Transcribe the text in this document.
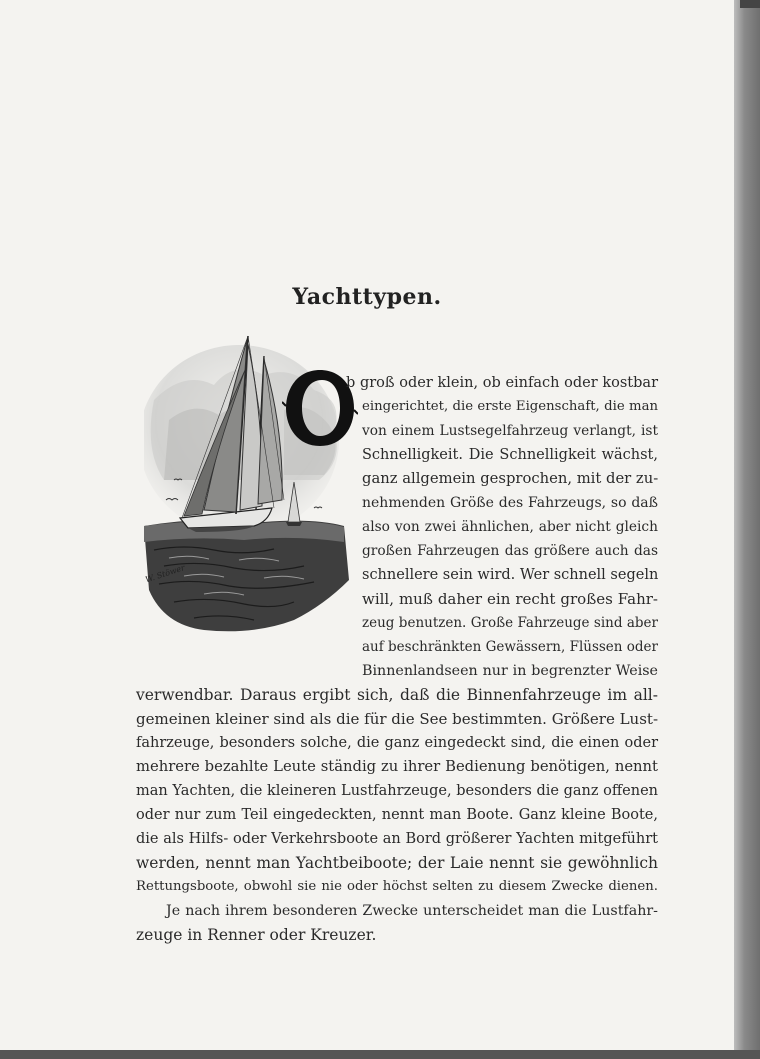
Yachttypen.
W. Stöwer
b groß oder klein, ob einfach oder kostbar
eingerichtet, die erste Eigenschaft, die man
von einem Lustsegelfahrzeug verlangt, ist
Schnelligkeit. Die Schnelligkeit wächst,
ganz allgemein gesprochen, mit der zu-
nehmenden Größe des Fahrzeugs, so daß
also von zwei ähnlichen, aber nicht gleich
großen Fahrzeugen das größere auch das
schnellere sein wird. Wer schnell segeln
will, muß daher ein recht großes Fahr-
zeug benutzen. Große Fahrzeuge sind aber
auf beschränkten Gewässern, Flüssen oder
Binnenlandseen nur in begrenzter Weise
verwendbar. Daraus ergibt sich, daß die Binnenfahrzeuge im all-
gemeinen kleiner sind als die für die See bestimmten. Größere Lust-
fahrzeuge, besonders solche, die ganz eingedeckt sind, die einen oder
mehrere bezahlte Leute ständig zu ihrer Bedienung benötigen, nennt
man Yachten, die kleineren Lustfahrzeuge, besonders die ganz offenen
oder nur zum Teil eingedeckten, nennt man Boote. Ganz kleine Boote,
die als Hilfs- oder Verkehrsboote an Bord größerer Yachten mitgeführt
werden, nennt man Yachtbeiboote; der Laie nennt sie gewöhnlich
Rettungsboote, obwohl sie nie oder höchst selten zu diesem Zwecke dienen.
Je nach ihrem besonderen Zwecke unterscheidet man die Lustfahr-
zeuge in Renner oder Kreuzer.
